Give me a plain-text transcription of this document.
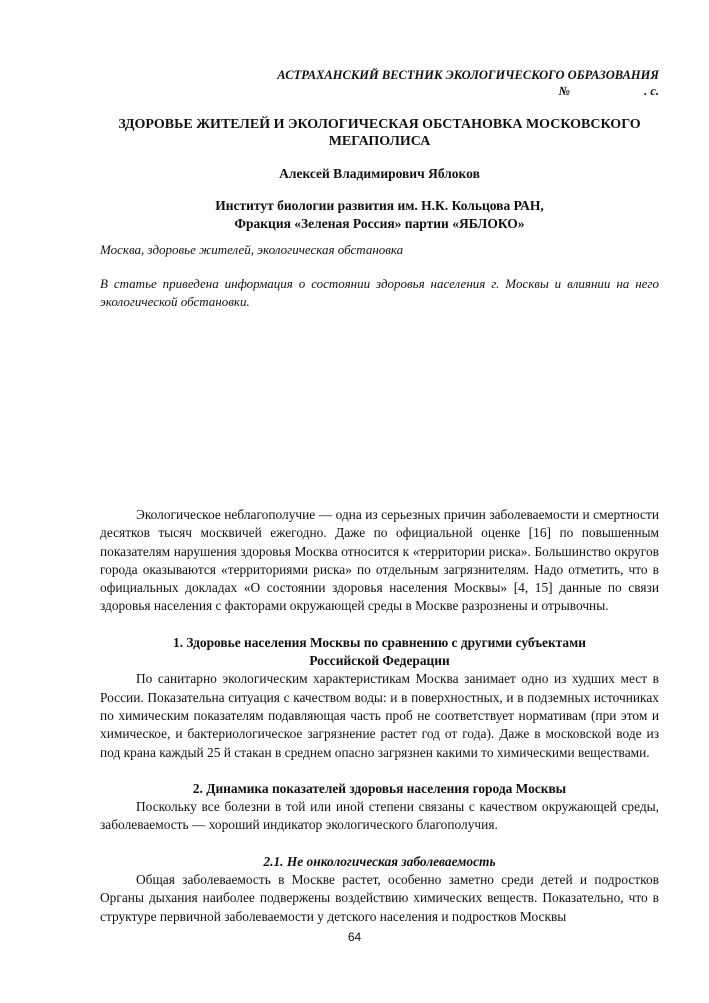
АСТРАХАНСКИЙ ВЕСТНИК ЭКОЛОГИЧЕСКОГО ОБРАЗОВАНИЯ
№	. с.
ЗДОРОВЬЕ ЖИТЕЛЕЙ И ЭКОЛОГИЧЕСКАЯ ОБСТАНОВКА МОСКОВСКОГО МЕГАПОЛИСА
Алексей Владимирович Яблоков
Институт биологии развития им. Н.К. Кольцова РАН,
Фракция «Зеленая Россия» партии «ЯБЛОКО»
Москва, здоровье жителей, экологическая обстановка
В статье приведена информация о состоянии здоровья населения г. Москвы и влиянии на него экологической обстановки.

Экологическое неблагополучие — одна из серьезных причин заболеваемости и смертности десятков тысяч москвичей ежегодно. Даже по официальной оценке [16] по повышенным показателям нарушения здоровья Москва относится к «территории риска». Большинство округов города оказываются «территориями риска» по отдельным загрязнителям. Надо отметить, что в официальных докладах «О состоянии здоровья населения Москвы» [4, 15] данные по связи здоровья населения с факторами окружающей среды в Москве разрознены и отрывочны.

1. Здоровье населения Москвы по сравнению с другими субъектами
Российской Федерации

По санитарно экологическим характеристикам Москва занимает одно из худших мест в России. Показательна ситуация с качеством воды: и в поверхностных, и в подземных источниках по химическим показателям подавляющая часть проб не соответствует нормативам (при этом и химическое, и бактериологическое загрязнение растет год от года). Даже в московской воде из под крана каждый 25 й стакан в среднем опасно загрязнен какими то химическими веществами.

2. Динамика показателей здоровья населения города Москвы

Поскольку все болезни в той или иной степени связаны с качеством окружающей среды, заболеваемость — хороший индикатор экологического благополучия.

2.1. Не онкологическая заболеваемость

Общая заболеваемость в Москве растет, особенно заметно среди детей и подростков Органы дыхания наиболее подвержены воздействию химических веществ. Показательно, что в структуре первичной заболеваемости у детского населения и подростков Москвы

64
